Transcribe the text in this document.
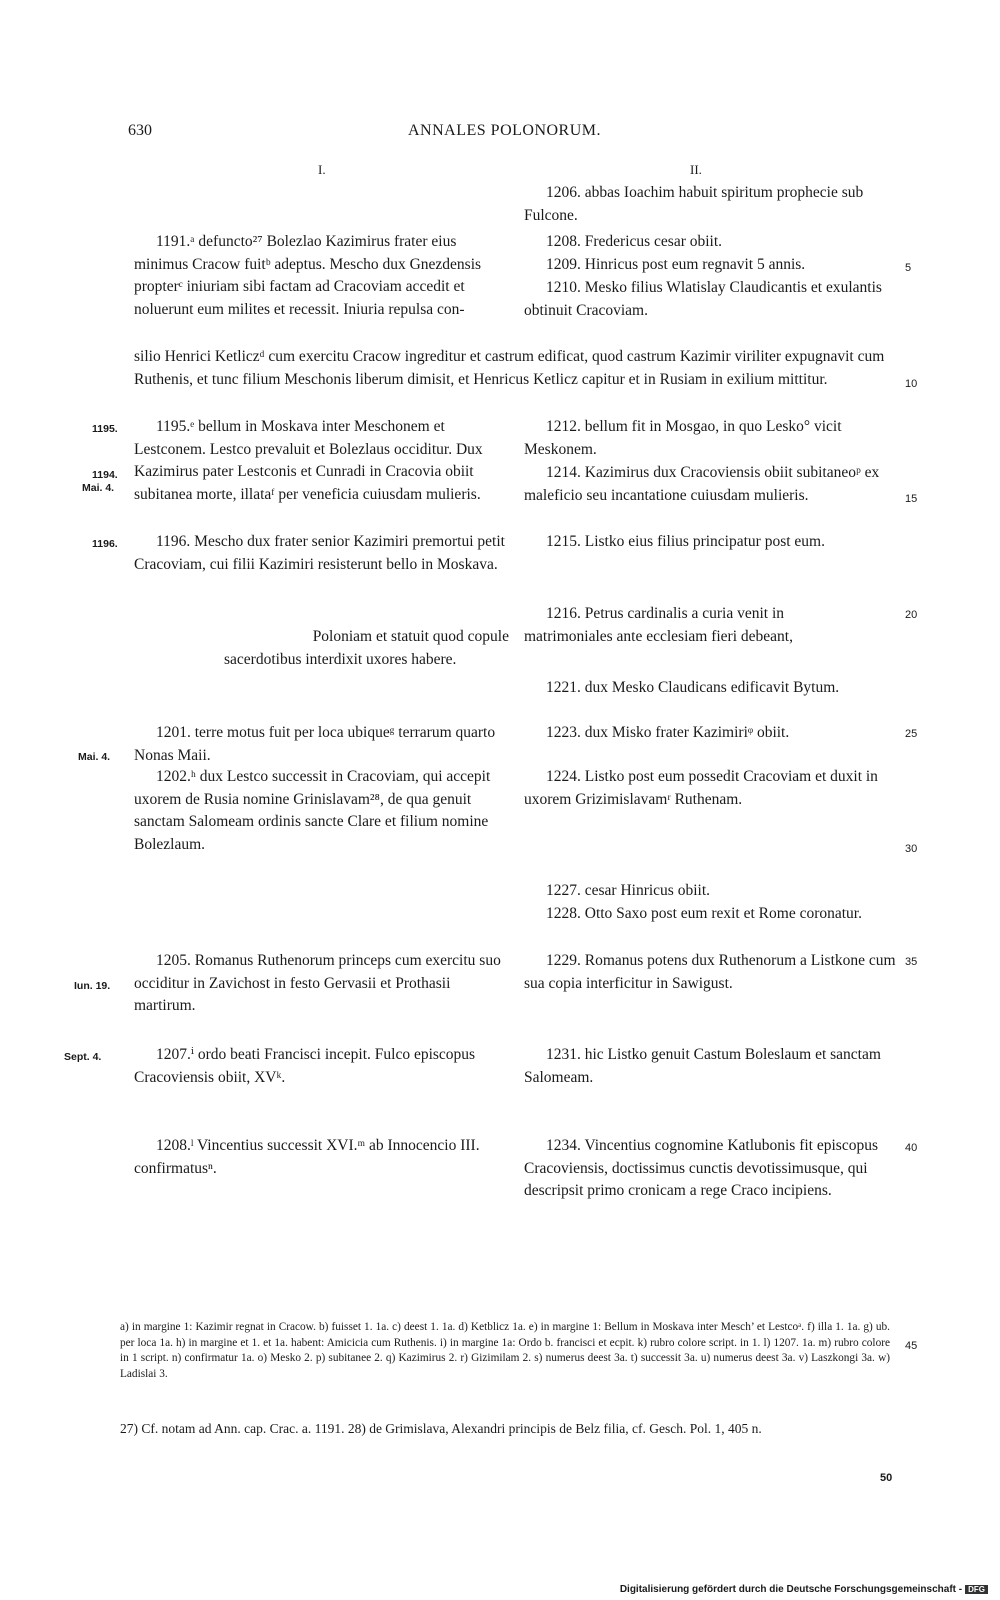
630	ANNALES POLONORUM.
I.	II.
1206. abbas Ioachim habuit spiritum prophecie sub Fulcone.
1208. Fredericus cesar obiit.
1209. Hinricus post eum regnavit 5 annis.
1210. Mesko filius Wlatislay Claudicantis et exulantis obtinuit Cracoviam.
1212. bellum fit in Mosgao, in quo Lesko° vicit Meskonem.
1214. Kazimirus dux Cracoviensis obiit subitaneoᵖ ex maleficio seu incantatione cuiusdam mulieris.
1215. Listko eius filius principatur post eum.
1216. Petrus cardinalis a curia venit in
matrimoniales ante ecclesiam fieri debeant,
1221. dux Mesko Claudicans edificavit Bytum.
1223. dux Misko frater Kazimiriᵠ obiit.
1224. Listko post eum possedit Cracoviam et duxit in uxorem Grizimislavamʳ Ruthenam.
1227. cesar Hinricus obiit.
1228. Otto Saxo post eum rexit et Rome coronatur.
1229. Romanus potens dux Ruthenorum a Listkone cum sua copia interficitur in Sawigust.
1231. hic Listko genuit Castum Boleslaum et sanctam Salomeam.
1234. Vincentius cognomine Katlubonis fit episcopus Cracoviensis, doctissimus cunctis devotissimusque, qui descripsit primo cronicam a rege Craco incipiens.
1191.ᵃ defuncto²⁷ Bolezlao Kazimirus frater eius minimus Cracow fuitᵇ adeptus. Mescho dux Gnezdensis propterᶜ iniuriam sibi factam ad Cracoviam accedit et noluerunt eum milites et recessit. Iniuria repulsa con-
silio Henrici Ketliczᵈ cum exercitu Cracow ingreditur et castrum edificat, quod castrum Kazimir viriliter expugnavit cum Ruthenis, et tunc filium Meschonis liberum dimisit, et Henricus Ketlicz capitur et in Rusiam in exilium mittitur.
1195.ᵉ bellum in Moskava inter Meschonem et Lestconem. Lestco prevaluit et Bolezlaus occiditur. Dux Kazimirus pater Lestconis et Cunradi in Cracovia obiit subitanea morte, illataᶠ per veneficia cuiusdam mulieris.
1196. Mescho dux frater senior Kazimiri premortui petit Cracoviam, cui filii Kazimiri resisterunt bello in Moskava.
Poloniam et statuit quod copule
sacerdotibus interdixit uxores habere.
1201. terre motus fuit per loca ubiqueᵍ terrarum quarto Nonas Maii.
1202.ʰ dux Lestco successit in Cracoviam, qui accepit uxorem de Rusia nomine Grinislavam²⁸, de qua genuit sanctam Salomeam ordinis sancte Clare et filium nomine Bolezlaum.
1205. Romanus Ruthenorum princeps cum exercitu suo occiditur in Zavichost in festo Gervasii et Prothasii martirum.
1207.ⁱ ordo beati Francisci incepit. Fulco episcopus Cracoviensis obiit, XVᵏ.
1208.ˡ Vincentius successit XVI.ᵐ ab Innocencio III. confirmatusⁿ.
1195.
1194.
Mai. 4.
1196.
Mai. 4.
Iun. 19.
Sept. 4.
5
10
15
20
25
30
35
40
45
a) in margine 1: Kazimir regnat in Cracow. b) fuisset 1. 1a. c) deest 1. 1a. d) Ketblicz 1a. e) in margine 1: Bellum in Moskava inter Mesch’ et Lestcoᵃ. f) illa 1. 1a. g) ub. per loca 1a. h) in margine et 1. et 1a. habent: Amicicia cum Ruthenis. i) in margine 1a: Ordo b. francisci et ecpit. k) rubro colore script. in 1. l) 1207. 1a. m) rubro colore in 1 script. n) confirmatur 1a. o) Mesko 2. p) subitanee 2. q) Kazimirus 2. r) Gizimilam 2. s) numerus deest 3a. t) successit 3a. u) numerus deest 3a. v) Laszkongi 3a. w) Ladislai 3.
27) Cf. notam ad Ann. cap. Crac. a. 1191. 28) de Grimislava, Alexandri principis de Belz filia, cf. Gesch. Pol. 1, 405 n.
50
Digitalisierung gefördert durch die Deutsche Forschungsgemeinschaft - DFG
